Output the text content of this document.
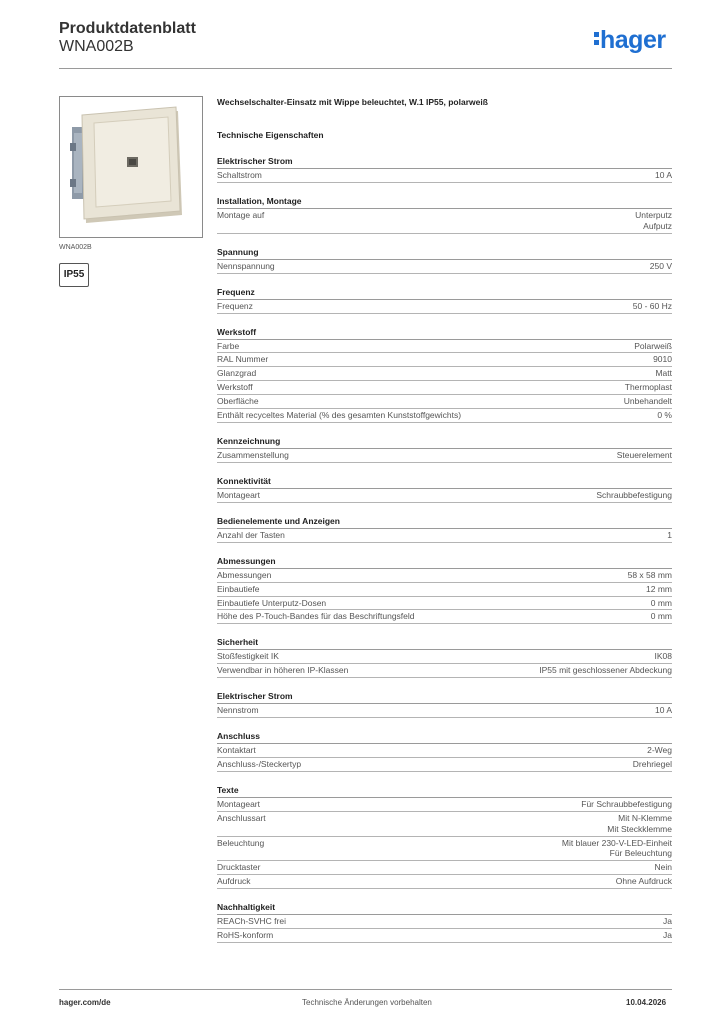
Produktdatenblatt
WNA002B	hager
WNA002B
IP55
Wechselschalter-Einsatz mit Wippe beleuchtet, W.1 IP55, polarweiß
Technische Eigenschaften
Elektrischer Strom
Schaltstrom	10 A
Installation, Montage
Montage auf	Unterputz
Aufputz
Spannung
Nennspannung	250 V
Frequenz
Frequenz	50 - 60 Hz
Werkstoff
Farbe	Polarweiß
RAL Nummer	9010
Glanzgrad	Matt
Werkstoff	Thermoplast
Oberfläche	Unbehandelt
Enthält recyceltes Material (% des gesamten Kunststoffgewichts)	0 %
Kennzeichnung
Zusammenstellung	Steuerelement
Konnektivität
Montageart	Schraubbefestigung
Bedienelemente und Anzeigen
Anzahl der Tasten	1
Abmessungen
Abmessungen	58 x 58 mm
Einbautiefe	12 mm
Einbautiefe Unterputz-Dosen	0 mm
Höhe des P-Touch-Bandes für das Beschriftungsfeld	0 mm
Sicherheit
Stoßfestigkeit IK	IK08
Verwendbar in höheren IP-Klassen	IP55 mit geschlossener Abdeckung
Elektrischer Strom
Nennstrom	10 A
Anschluss
Kontaktart	2-Weg
Anschluss-/Steckertyp	Drehriegel
Texte
Montageart	Für Schraubbefestigung
Anschlussart	Mit N-Klemme
Mit Steckklemme
Beleuchtung	Mit blauer 230-V-LED-Einheit
Für Beleuchtung
Drucktaster	Nein
Aufdruck	Ohne Aufdruck
Nachhaltigkeit
REACh-SVHC frei	Ja
RoHS-konform	Ja
hager.com/de	Technische Änderungen vorbehalten	10.04.2026
